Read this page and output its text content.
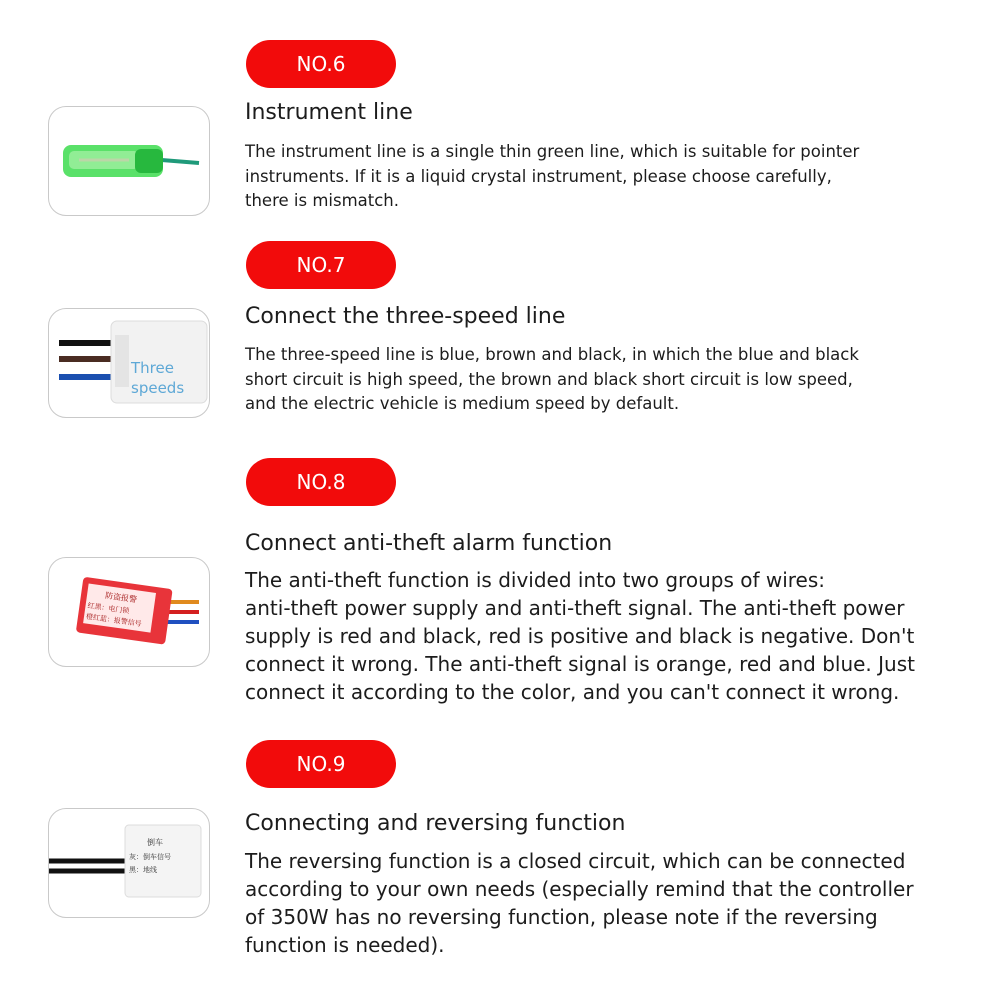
NO.6
Instrument line
The instrument line is a single thin green line, which is suitable for pointer
instruments. If it is a liquid crystal instrument, please choose carefully,
there is mismatch.
NO.7
Three
speeds
Connect the three-speed line
The three-speed line is blue, brown and black, in which the blue and black
short circuit is high speed, the brown and black short circuit is low speed,
and the electric vehicle is medium speed by default.
NO.8
防盗报警
红黑：电门锁
橙红蓝：报警信号
Connect anti-theft alarm function
The anti-theft function is divided into two groups of wires:
anti-theft power supply and anti-theft signal. The anti-theft power
supply is red and black, red is positive and black is negative. Don't
connect it wrong. The anti-theft signal is orange, red and blue. Just
connect it according to the color, and you can't connect it wrong.
NO.9
倒车
灰：倒车信号
黑：地线
Connecting and reversing function
The reversing function is a closed circuit, which can be connected
according to your own needs (especially remind that the controller
of 350W has no reversing function, please note if the reversing
function is needed).
